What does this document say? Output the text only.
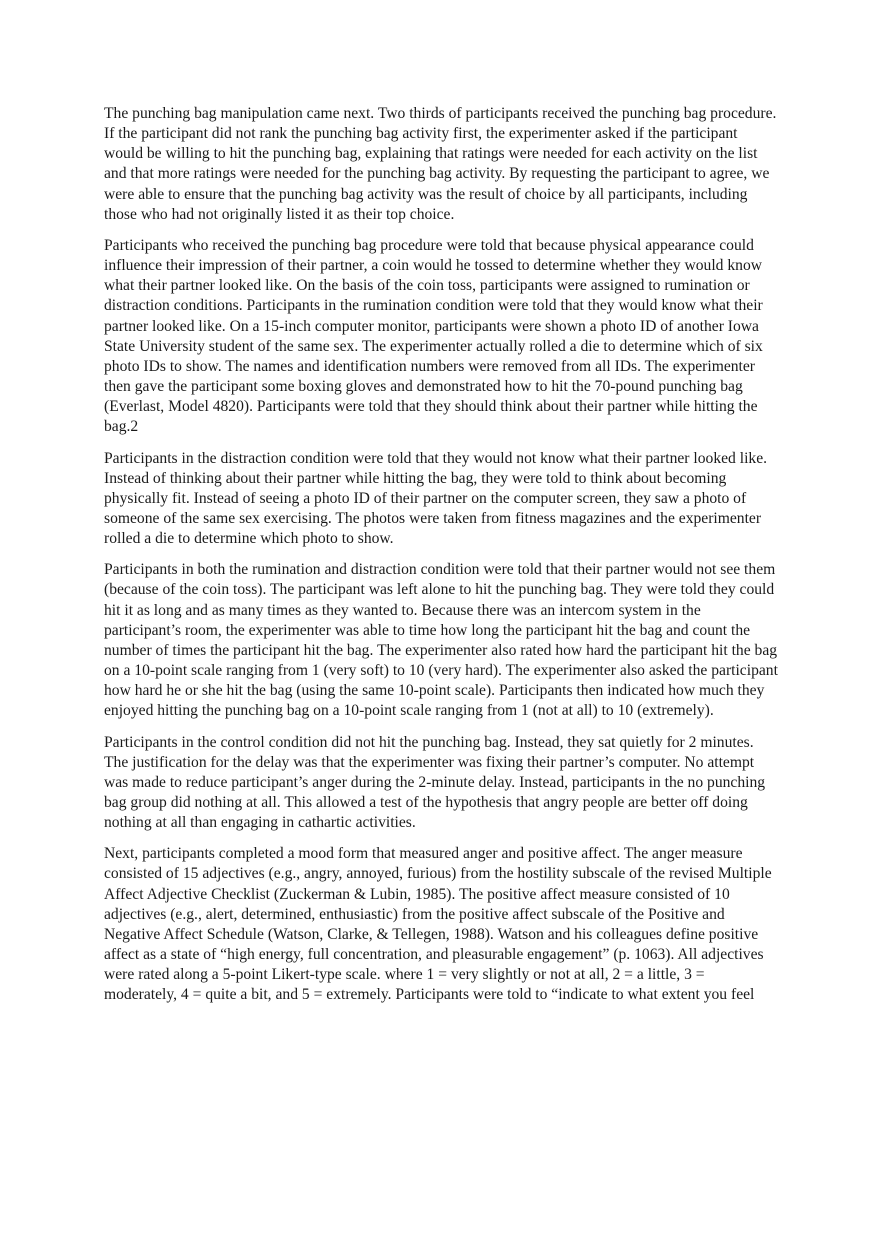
The punching bag manipulation came next. Two thirds of participants received the punching bag procedure. If the participant did not rank the punching bag activity first, the experimenter asked if the participant would be willing to hit the punching bag, explaining that ratings were needed for each activity on the list and that more ratings were needed for the punching bag activity. By requesting the participant to agree, we were able to ensure that the punching bag activity was the result of choice by all participants, including those who had not originally listed it as their top choice.

Participants who received the punching bag procedure were told that because physical appearance could influence their impression of their partner, a coin would he tossed to determine whether they would know what their partner looked like. On the basis of the coin toss, participants were assigned to rumination or distraction conditions. Participants in the rumination condition were told that they would know what their partner looked like. On a 15-inch computer monitor, participants were shown a photo ID of another Iowa State University student of the same sex. The experimenter actually rolled a die to determine which of six photo IDs to show. The names and identification numbers were removed from all IDs. The experimenter then gave the participant some boxing gloves and demonstrated how to hit the 70-pound punching bag (Everlast, Model 4820). Participants were told that they should think about their partner while hitting the bag.2

Participants in the distraction condition were told that they would not know what their partner looked like. Instead of thinking about their partner while hitting the bag, they were told to think about becoming physically fit. Instead of seeing a photo ID of their partner on the computer screen, they saw a photo of someone of the same sex exercising. The photos were taken from fitness magazines and the experimenter rolled a die to determine which photo to show.

Participants in both the rumination and distraction condition were told that their partner would not see them (because of the coin toss). The participant was left alone to hit the punching bag. They were told they could hit it as long and as many times as they wanted to. Because there was an intercom system in the participant’s room, the experimenter was able to time how long the participant hit the bag and count the number of times the participant hit the bag. The experimenter also rated how hard the participant hit the bag on a 10-point scale ranging from 1 (very soft) to 10 (very hard). The experimenter also asked the participant how hard he or she hit the bag (using the same 10-point scale). Participants then indicated how much they enjoyed hitting the punching bag on a 10-point scale ranging from 1 (not at all) to 10 (extremely).

Participants in the control condition did not hit the punching bag. Instead, they sat quietly for 2 minutes. The justification for the delay was that the experimenter was fixing their partner’s computer. No attempt was made to reduce participant’s anger during the 2-minute delay. Instead, participants in the no punching bag group did nothing at all. This allowed a test of the hypothesis that angry people are better off doing nothing at all than engaging in cathartic activities.

Next, participants completed a mood form that measured anger and positive affect. The anger measure consisted of 15 adjectives (e.g., angry, annoyed, furious) from the hostility subscale of the revised Multiple Affect Adjective Checklist (Zuckerman & Lubin, 1985). The positive affect measure consisted of 10 adjectives (e.g., alert, determined, enthusiastic) from the positive affect subscale of the Positive and Negative Affect Schedule (Watson, Clarke, & Tellegen, 1988). Watson and his colleagues define positive affect as a state of “high energy, full concentration, and pleasurable engagement” (p. 1063). All adjectives were rated along a 5-point Likert-type scale. where 1 = very slightly or not at all, 2 = a little, 3 = moderately, 4 = quite a bit, and 5 = extremely. Participants were told to “indicate to what extent you feel
